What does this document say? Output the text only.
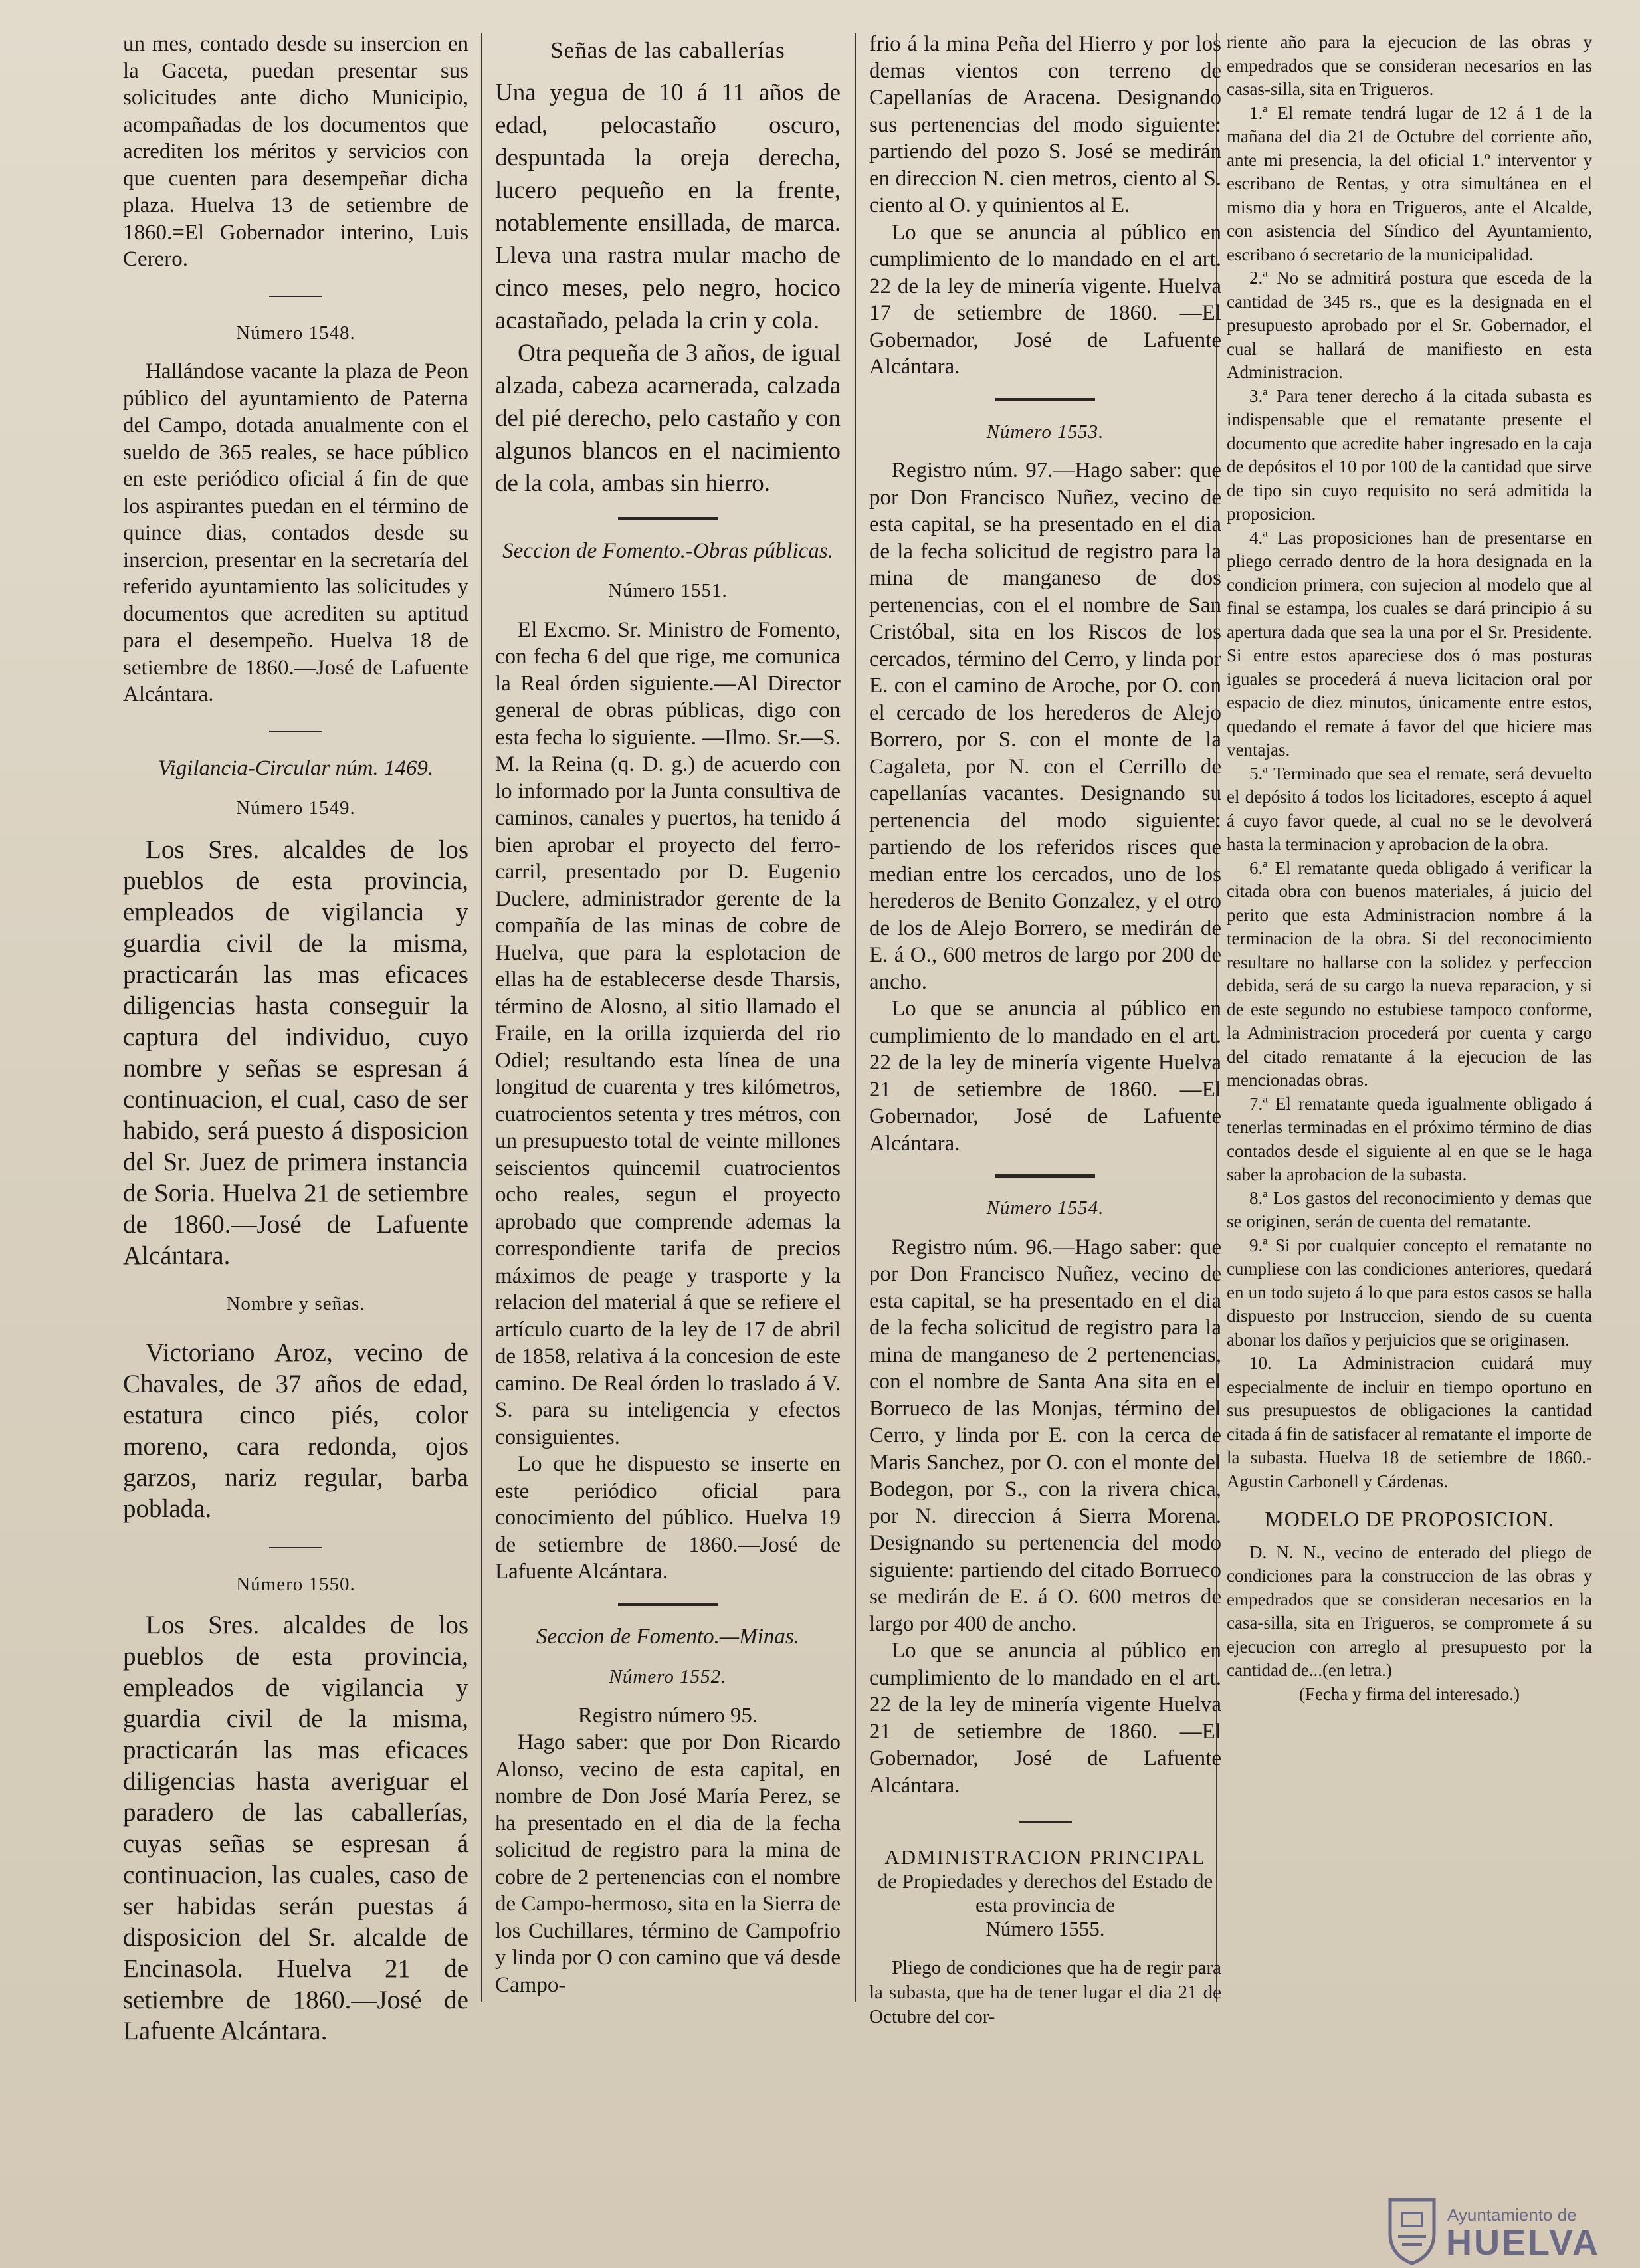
un mes, contado desde su insercion en la Gaceta, puedan presentar sus solicitudes ante dicho Municipio, acompañadas de los documentos que acrediten los méritos y servicios con que cuenten para desempeñar dicha plaza. Huelva 13 de setiembre de 1860.=El Gobernador interino, Luis Cerero.

Número 1548.

Hallándose vacante la plaza de Peon público del ayuntamiento de Paterna del Campo, dotada anualmente con el sueldo de 365 reales, se hace público en este periódico oficial á fin de que los aspirantes puedan en el término de quince dias, contados desde su insercion, presentar en la secretaría del referido ayuntamiento las solicitudes y documentos que acrediten su aptitud para el desempeño. Huelva 18 de setiembre de 1860.—José de Lafuente Alcántara.

Vigilancia-Circular núm. 1469.
Número 1549.

Los Sres. alcaldes de los pueblos de esta provincia, empleados de vigilancia y guardia civil de la misma, practicarán las mas eficaces diligencias hasta conseguir la captura del individuo, cuyo nombre y señas se espresan á continuacion, el cual, caso de ser habido, será puesto á disposicion del Sr. Juez de primera instancia de Soria. Huelva 21 de setiembre de 1860.—José de Lafuente Alcántara.

Nombre y señas.

Victoriano Aroz, vecino de Chavales, de 37 años de edad, estatura cinco piés, color moreno, cara redonda, ojos garzos, nariz regular, barba poblada.

Número 1550.

Los Sres. alcaldes de los pueblos de esta provincia, empleados de vigilancia y guardia civil de la misma, practicarán las mas eficaces diligencias hasta averiguar el paradero de las caballerías, cuyas señas se espresan á continuacion, las cuales, caso de ser habidas serán puestas á disposicion del Sr. alcalde de Encinasola. Huelva 21 de setiembre de 1860.—José de Lafuente Alcántara.

Señas de las caballerías

Una yegua de 10 á 11 años de edad, pelocastaño oscuro, despuntada la oreja derecha, lucero pequeño en la frente, notablemente ensillada, de marca. Lleva una rastra mular macho de cinco meses, pelo negro, hocico acastañado, pelada la crin y cola.

Otra pequeña de 3 años, de igual alzada, cabeza acarnerada, calzada del pié derecho, pelo castaño y con algunos blancos en el nacimiento de la cola, ambas sin hierro.

Seccion de Fomento.-Obras públicas.
Número 1551.

El Excmo. Sr. Ministro de Fomento, con fecha 6 del que rige, me comunica la Real órden siguiente.—Al Director general de obras públicas, digo con esta fecha lo siguiente. —Ilmo. Sr.—S. M. la Reina (q. D. g.) de acuerdo con lo informado por la Junta consultiva de caminos, canales y puertos, ha tenido á bien aprobar el proyecto del ferro-carril, presentado por D. Eugenio Duclere, administrador gerente de la compañía de las minas de cobre de Huelva, que para la esplotacion de ellas ha de establecerse desde Tharsis, término de Alosno, al sitio llamado el Fraile, en la orilla izquierda del rio Odiel; resultando esta línea de una longitud de cuarenta y tres kilómetros, cuatrocientos setenta y tres métros, con un presupuesto total de veinte millones seiscientos quincemil cuatrocientos ocho reales, segun el proyecto aprobado que comprende ademas la correspondiente tarifa de precios máximos de peage y trasporte y la relacion del material á que se refiere el artículo cuarto de la ley de 17 de abril de 1858, relativa á la concesion de este camino. De Real órden lo traslado á V. S. para su inteligencia y efectos consiguientes.

Lo que he dispuesto se inserte en este periódico oficial para conocimiento del público. Huelva 19 de setiembre de 1860.—José de Lafuente Alcántara.

Seccion de Fomento.—Minas.
Número 1552.
Registro número 95.

Hago saber: que por Don Ricardo Alonso, vecino de esta capital, en nombre de Don José María Perez, se ha presentado en el dia de la fecha solicitud de registro para la mina de cobre de 2 pertenencias con el nombre de Campo-hermoso, sita en la Sierra de los Cuchillares, término de Campofrio y linda por O con camino que vá desde Campo-

frio á la mina Peña del Hierro y por los demas vientos con terreno de Capellanías de Aracena. Designando sus pertenencias del modo siguiente: partiendo del pozo S. José se medirán en direccion N. cien metros, ciento al S. ciento al O. y quinientos al E.

Lo que se anuncia al público en cumplimiento de lo mandado en el art. 22 de la ley de minería vigente. Huelva 17 de setiembre de 1860. —El Gobernador, José de Lafuente Alcántara.

Número 1553.

Registro núm. 97.—Hago saber: que por Don Francisco Nuñez, vecino de esta capital, se ha presentado en el dia de la fecha solicitud de registro para la mina de manganeso de dos pertenencias, con el el nombre de San Cristóbal, sita en los Riscos de los cercados, término del Cerro, y linda por E. con el camino de Aroche, por O. con el cercado de los herederos de Alejo Borrero, por S. con el monte de la Cagaleta, por N. con el Cerrillo de capellanías vacantes. Designando su pertenencia del modo siguiente: partiendo de los referidos risces que median entre los cercados, uno de los herederos de Benito Gonzalez, y el otro de los de Alejo Borrero, se medirán de E. á O., 600 metros de largo por 200 de ancho.

Lo que se anuncia al público en cumplimiento de lo mandado en el art. 22 de la ley de minería vigente Huelva 21 de setiembre de 1860. —El Gobernador, José de Lafuente Alcántara.

Número 1554.

Registro núm. 96.—Hago saber: que por Don Francisco Nuñez, vecino de esta capital, se ha presentado en el dia de la fecha solicitud de registro para la mina de manganeso de 2 pertenencias, con el nombre de Santa Ana sita en el Borrueco de las Monjas, término del Cerro, y linda por E. con la cerca de Maris Sanchez, por O. con el monte del Bodegon, por S., con la rivera chica, por N. direccion á Sierra Morena. Designando su pertenencia del modo siguiente: partiendo del citado Borrueco se medirán de E. á O. 600 metros de largo por 400 de ancho.

Lo que se anuncia al público en cumplimiento de lo mandado en el art. 22 de la ley de minería vigente Huelva 21 de setiembre de 1860. —El Gobernador, José de Lafuente Alcántara.

ADMINISTRACION PRINCIPAL
de Propiedades y derechos del Estado de esta provincia de
Número 1555.

Pliego de condiciones que ha de regir para la subasta, que ha de tener lugar el dia 21 de Octubre del cor-

riente año para la ejecucion de las obras y empedrados que se consideran necesarios en las casas-silla, sita en Trigueros.

1.ª El remate tendrá lugar de 12 á 1 de la mañana del dia 21 de Octubre del corriente año, ante mi presencia, la del oficial 1.º interventor y escribano de Rentas, y otra simultánea en el mismo dia y hora en Trigueros, ante el Alcalde, con asistencia del Síndico del Ayuntamiento, escribano ó secretario de la municipalidad.

2.ª No se admitirá postura que esceda de la cantidad de 345 rs., que es la designada en el presupuesto aprobado por el Sr. Gobernador, el cual se hallará de manifiesto en esta Administracion.

3.ª Para tener derecho á la citada subasta es indispensable que el rematante presente el documento que acredite haber ingresado en la caja de depósitos el 10 por 100 de la cantidad que sirve de tipo sin cuyo requisito no será admitida la proposicion.

4.ª Las proposiciones han de presentarse en pliego cerrado dentro de la hora designada en la condicion primera, con sujecion al modelo que al final se estampa, los cuales se dará principio á su apertura dada que sea la una por el Sr. Presidente. Si entre estos apareciese dos ó mas posturas iguales se procederá á nueva licitacion oral por espacio de diez minutos, únicamente entre estos, quedando el remate á favor del que hiciere mas ventajas.

5.ª Terminado que sea el remate, será devuelto el depósito á todos los licitadores, escepto á aquel á cuyo favor quede, al cual no se le devolverá hasta la terminacion y aprobacion de la obra.

6.ª El rematante queda obligado á verificar la citada obra con buenos materiales, á juicio del perito que esta Administracion nombre á la terminacion de la obra. Si del reconocimiento resultare no hallarse con la solidez y perfeccion debida, será de su cargo la nueva reparacion, y si de este segundo no estubiese tampoco conforme, la Administracion procederá por cuenta y cargo del citado rematante á la ejecucion de las mencionadas obras.

7.ª El rematante queda igualmente obligado á tenerlas terminadas en el próximo término de dias contados desde el siguiente al en que se le haga saber la aprobacion de la subasta.

8.ª Los gastos del reconocimiento y demas que se originen, serán de cuenta del rematante.

9.ª Si por cualquier concepto el rematante no cumpliese con las condiciones anteriores, quedará en un todo sujeto á lo que para estos casos se halla dispuesto por Instruccion, siendo de su cuenta abonar los daños y perjuicios que se originasen.

10. La Administracion cuidará muy especialmente de incluir en tiempo oportuno en sus presupuestos de obligaciones la cantidad citada á fin de satisfacer al rematante el importe de la subasta. Huelva 18 de setiembre de 1860.-Agustin Carbonell y Cárdenas.

MODELO DE PROPOSICION.

D. N. N., vecino de enterado del pliego de condiciones para la construccion de las obras y empedrados que se consideran necesarios en la casa-silla, sita en Trigueros, se compromete á su ejecucion con arreglo al presupuesto por la cantidad de...(en letra.)

(Fecha y firma del interesado.)
Ayuntamiento de
HUELVA
